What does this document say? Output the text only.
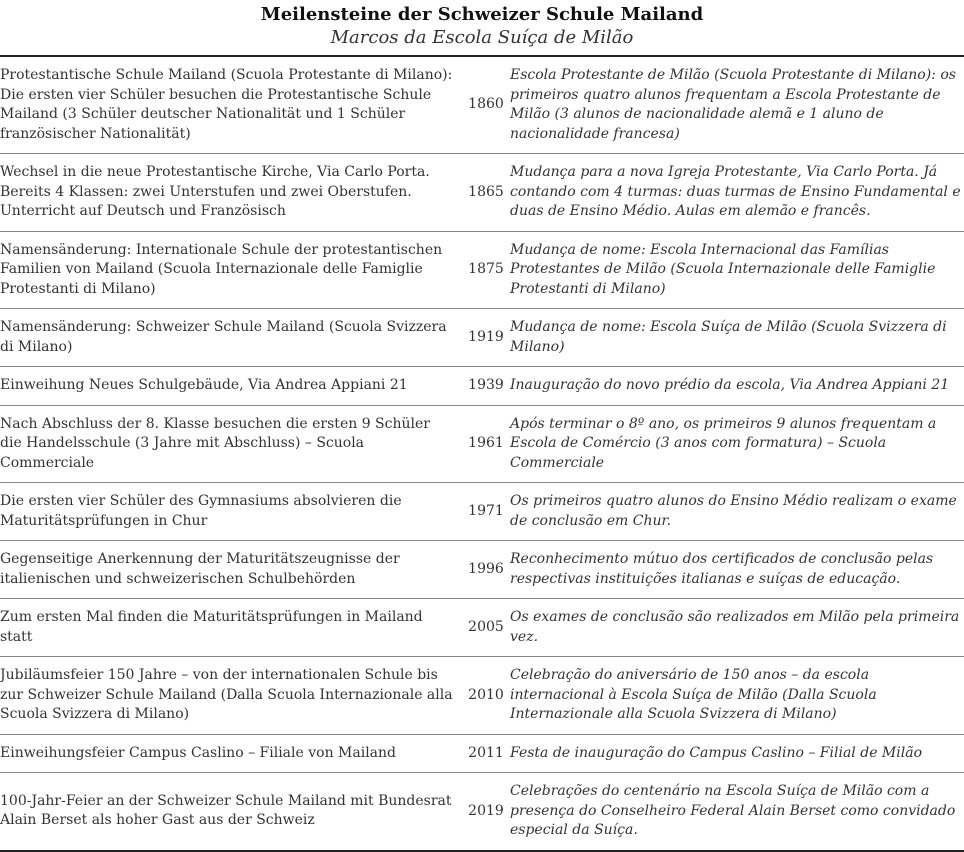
Meilensteine der Schweizer Schule Mailand
Marcos da Escola Suíça de Milão
Protestantische Schule Mailand (Scuola Protestante di Milano): Die ersten vier Schüler besuchen die Protestantische Schule Mailand (3 Schüler deutscher Nationalität und 1 Schüler französischer Nationalität)	1860	Escola Protestante de Milão (Scuola Protestante di Milano): os primeiros quatro alunos frequentam a Escola Protestante de Milão (3 alunos de nacionalidade alemã e 1 aluno de nacionalidade francesa)
Wechsel in die neue Protestantische Kirche, Via Carlo Porta. Bereits 4 Klassen: zwei Unterstufen und zwei Oberstufen. Unterricht auf Deutsch und Französisch	1865	Mudança para a nova Igreja Protestante, Via Carlo Porta. Já contando com 4 turmas: duas turmas de Ensino Fundamental e duas de Ensino Médio. Aulas em alemão e francês.
Namensänderung: Internationale Schule der protestantischen Familien von Mailand (Scuola Internazionale delle Famiglie Protestanti di Milano)	1875	Mudança de nome: Escola Internacional das Famílias Protestantes de Milão (Scuola Internazionale delle Famiglie Protestanti di Milano)
Namensänderung: Schweizer Schule Mailand (Scuola Svizzera di Milano)	1919	Mudança de nome: Escola Suíça de Milão (Scuola Svizzera di Milano)
Einweihung Neues Schulgebäude, Via Andrea Appiani 21	1939	Inauguração do novo prédio da escola, Via Andrea Appiani 21
Nach Abschluss der 8. Klasse besuchen die ersten 9 Schüler die Handelsschule (3 Jahre mit Abschluss) – Scuola Commerciale	1961	Após terminar o 8º ano, os primeiros 9 alunos frequentam a Escola de Comércio (3 anos com formatura) – Scuola Commerciale
Die ersten vier Schüler des Gymnasiums absolvieren die Maturitätsprüfungen in Chur	1971	Os primeiros quatro alunos do Ensino Médio realizam o exame de conclusão em Chur.
Gegenseitige Anerkennung der Maturitätszeugnisse der italienischen und schweizerischen Schulbehörden	1996	Reconhecimento mútuo dos certificados de conclusão pelas respectivas instituições italianas e suíças de educação.
Zum ersten Mal finden die Maturitätsprüfungen in Mailand statt	2005	Os exames de conclusão são realizados em Milão pela primeira vez.
Jubiläumsfeier 150 Jahre – von der internationalen Schule bis zur Schweizer Schule Mailand (Dalla Scuola Internazionale alla Scuola Svizzera di Milano)	2010	Celebração do aniversário de 150 anos – da escola internacional à Escola Suíça de Milão (Dalla Scuola Internazionale alla Scuola Svizzera di Milano)
Einweihungsfeier Campus Caslino – Filiale von Mailand	2011	Festa de inauguração do Campus Caslino – Filial de Milão
100-Jahr-Feier an der Schweizer Schule Mailand mit Bundesrat Alain Berset als hoher Gast aus der Schweiz	2019	Celebrações do centenário na Escola Suíça de Milão com a presença do Conselheiro Federal Alain Berset como convidado especial da Suíça.
